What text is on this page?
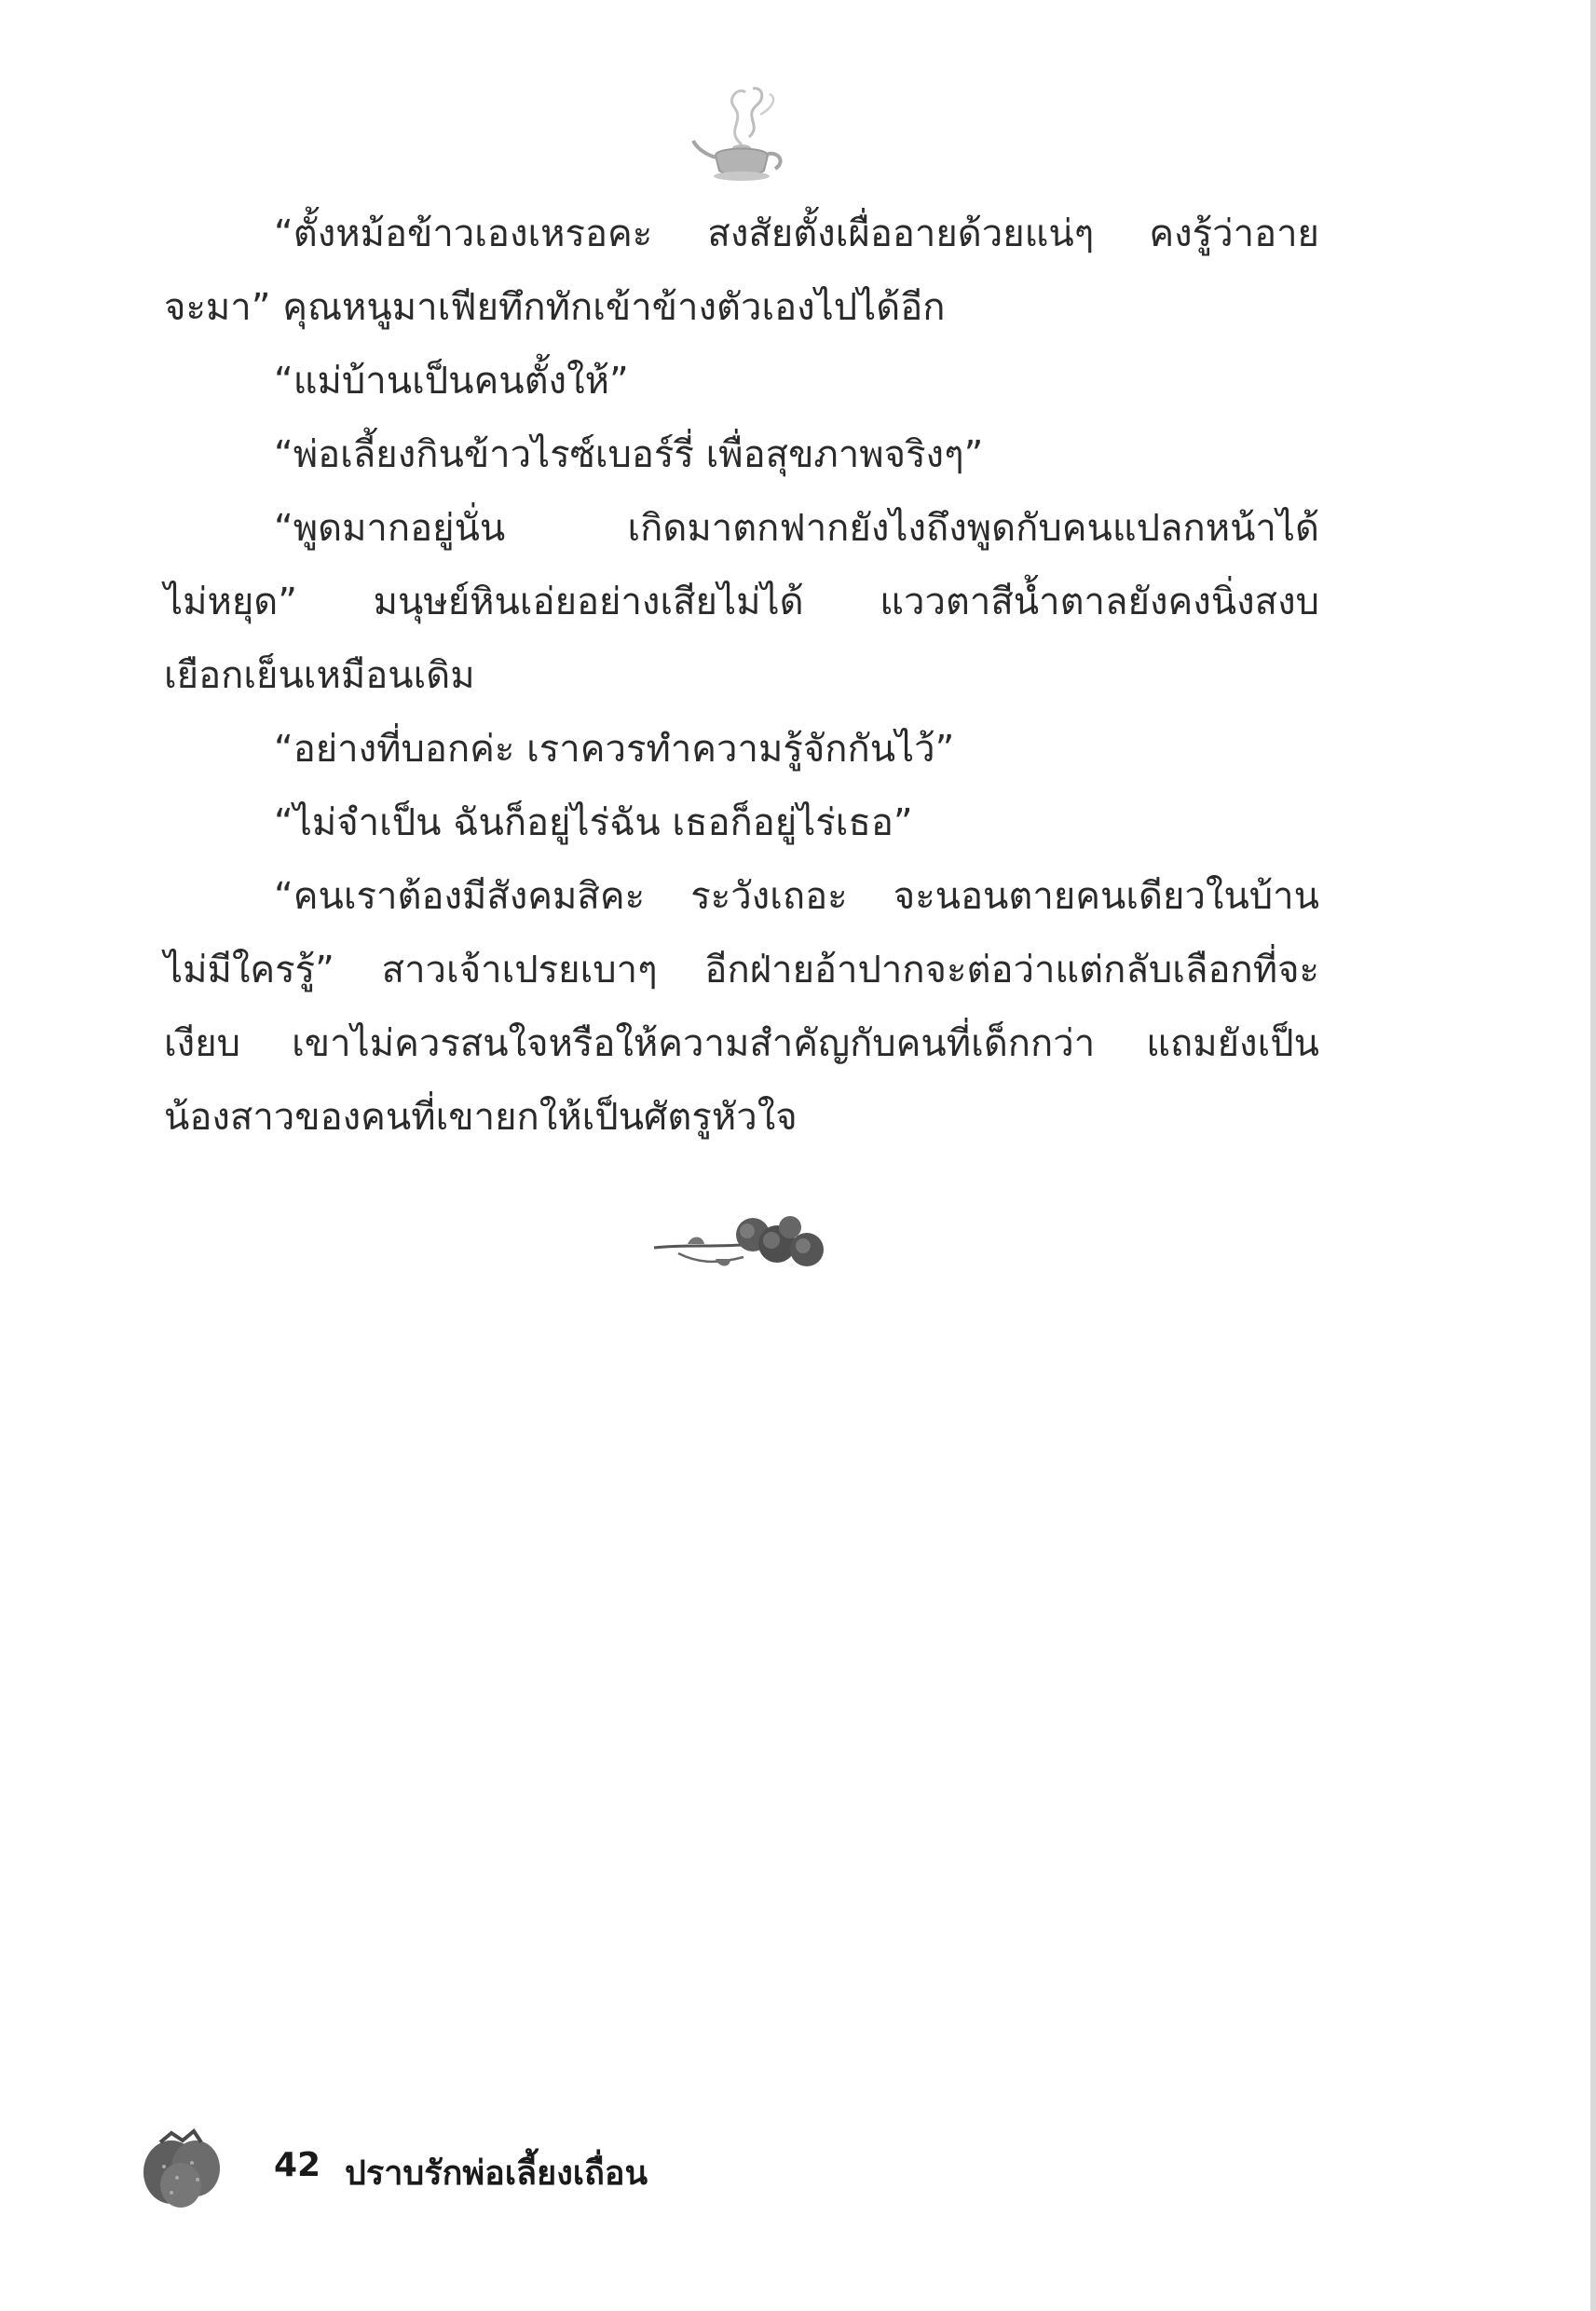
“ตั้งหม้อข้าวเองเหรอคะ สงสัยตั้งเผื่ออายด้วยแน่ๆ คงรู้ว่าอาย
จะมา” คุณหนูมาเฟียทึกทักเข้าข้างตัวเองไปได้อีก
“แม่บ้านเป็นคนตั้งให้”
“พ่อเลี้ยงกินข้าวไรซ์เบอร์รี่ เพื่อสุขภาพจริงๆ”
“พูดมากอยู่นั่น เกิดมาตกฟากยังไงถึงพูดกับคนแปลกหน้าได้
ไม่หยุด” มนุษย์หินเอ่ยอย่างเสียไม่ได้ แววตาสีน้ำตาลยังคงนิ่งสงบ
เยือกเย็นเหมือนเดิม
“อย่างที่บอกค่ะ เราควรทำความรู้จักกันไว้”
“ไม่จำเป็น ฉันก็อยู่ไร่ฉัน เธอก็อยู่ไร่เธอ”
“คนเราต้องมีสังคมสิคะ ระวังเถอะ จะนอนตายคนเดียวในบ้าน
ไม่มีใครรู้” สาวเจ้าเปรยเบาๆ อีกฝ่ายอ้าปากจะต่อว่าแต่กลับเลือกที่จะ
เงียบ เขาไม่ควรสนใจหรือให้ความสำคัญกับคนที่เด็กกว่า แถมยังเป็น
น้องสาวของคนที่เขายกให้เป็นศัตรูหัวใจ
42 ปราบรักพ่อเลี้ยงเถื่อน
